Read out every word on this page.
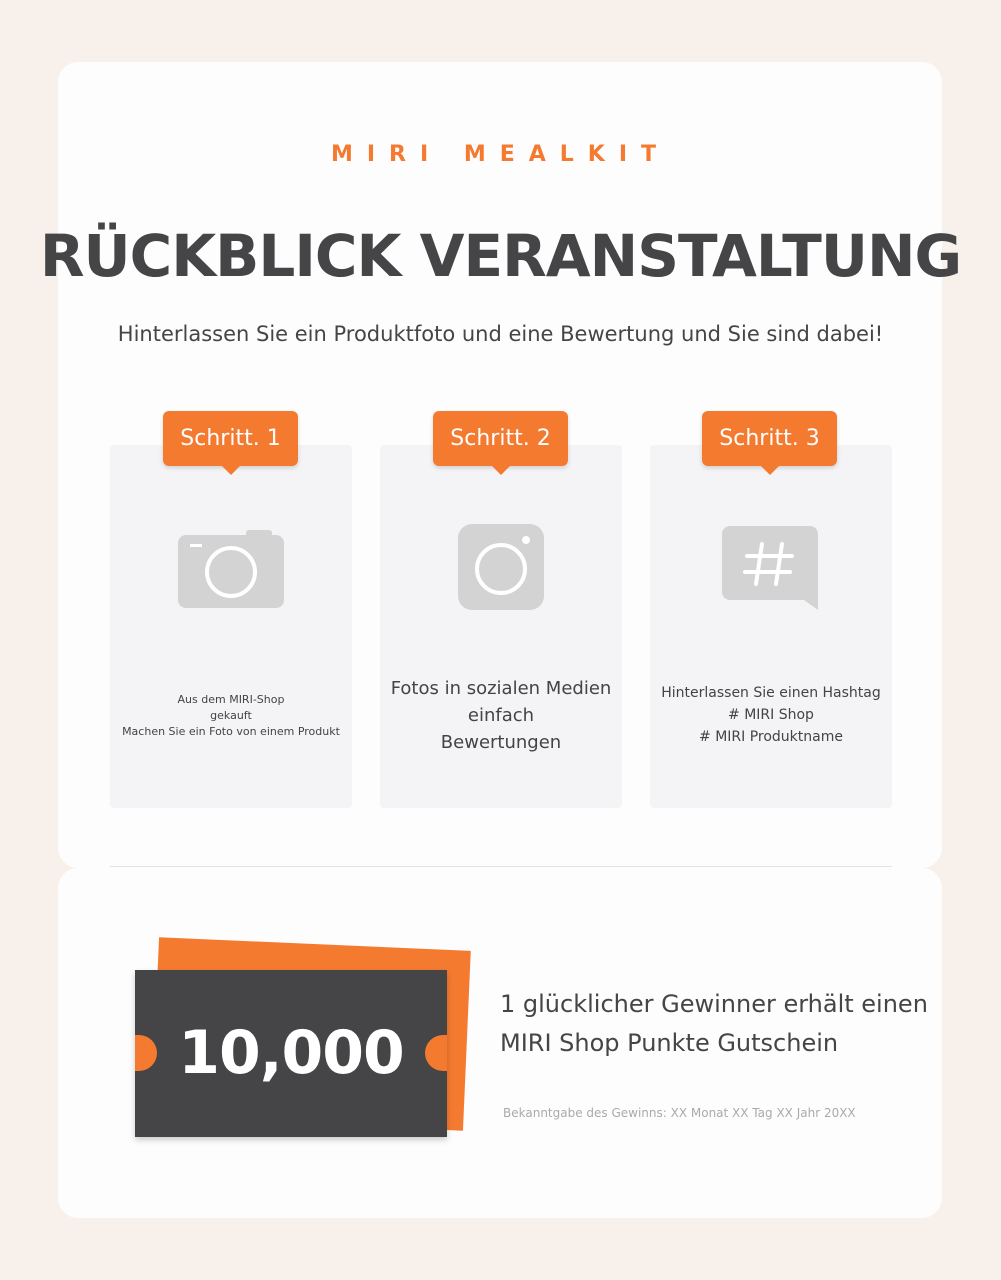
MIRI MEALKIT
RÜCKBLICK VERANSTALTUNG
Hinterlassen Sie ein Produktfoto und eine Bewertung und Sie sind dabei!
Aus dem MIRI-Shop
gekauft
Machen Sie ein Foto von einem Produkt
Fotos in sozialen Medien
einfach
Bewertungen
Hinterlassen Sie einen Hashtag
# MIRI Shop
# MIRI Produktname
Schritt. 1	Schritt. 2	Schritt. 3
10,000
1 glücklicher Gewinner erhält einen
MIRI Shop Punkte Gutschein
Bekanntgabe des Gewinns: XX Monat XX Tag XX Jahr 20XX
